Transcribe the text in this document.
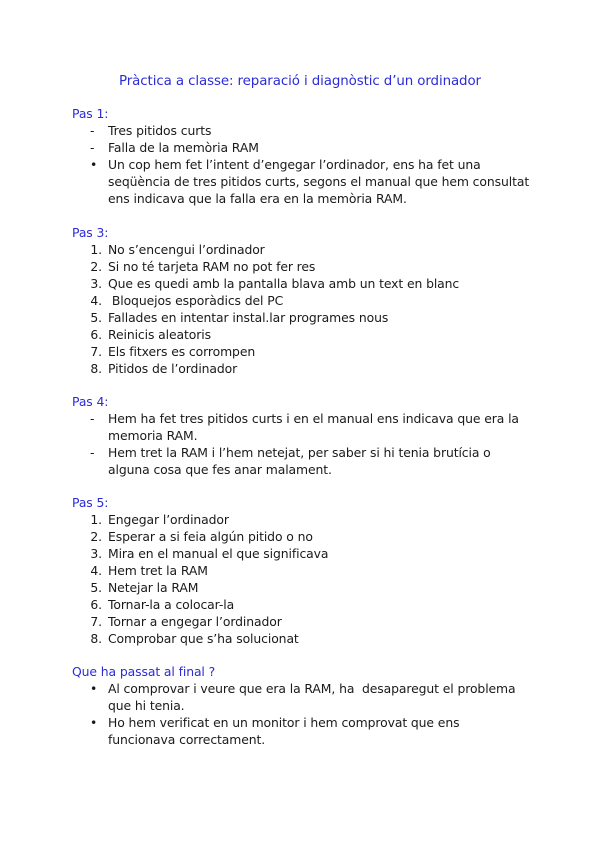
Pràctica a classe: reparació i diagnòstic d’un ordinador
Pas 1:
- Tres pitidos curts
- Falla de la memòria RAM
• Un cop hem fet l’intent d’engegar l’ordinador, ens ha fet una seqüència de tres pitidos curts, segons el manual que hem consultat ens indicava que la falla era en la memòria RAM.
Pas 3:
1. No s’encengui l’ordinador
2. Si no té tarjeta RAM no pot fer res
3. Que es quedi amb la pantalla blava amb un text en blanc
4. Bloquejos esporàdics del PC
5. Fallades en intentar instal.lar programes nous
6. Reinicis aleatoris
7. Els fitxers es corrompen
8. Pitidos de l’ordinador
Pas 4:
- Hem ha fet tres pitidos curts i en el manual ens indicava que era la memoria RAM.
- Hem tret la RAM i l’hem netejat, per saber si hi tenia brutícia o alguna cosa que fes anar malament.
Pas 5:
1. Engegar l’ordinador
2. Esperar a si feia algún pitido o no
3. Mira en el manual el que significava
4. Hem tret la RAM
5. Netejar la RAM
6. Tornar-la a colocar-la
7. Tornar a engegar l’ordinador
8. Comprobar que s’ha solucionat
Que ha passat al final ?
• Al comprovar i veure que era la RAM, ha  desaparegut el problema que hi tenia.
• Ho hem verificat en un monitor i hem comprovat que ens funcionava correctament.
